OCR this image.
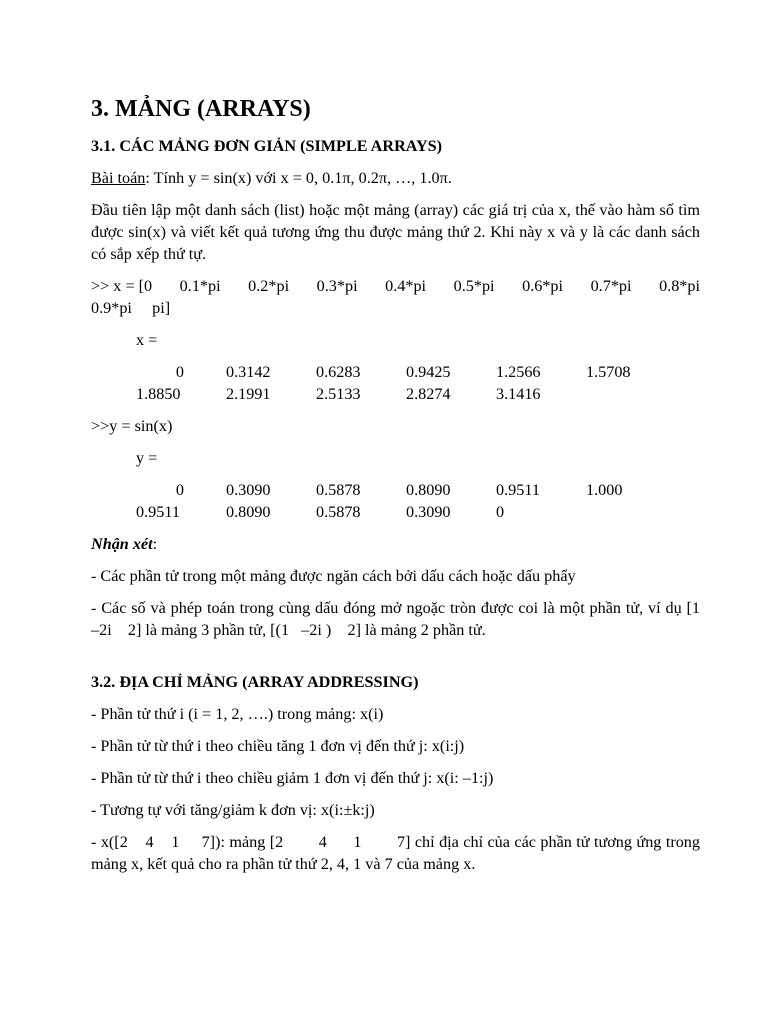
3. MẢNG (ARRAYS)
3.1. CÁC MẢNG ĐƠN GIẢN (SIMPLE ARRAYS)

Bài toán: Tính y = sin(x) với x = 0, 0.1π, 0.2π, …, 1.0π.

Đầu tiên lập một danh sách (list) hoặc một mảng (array) các giá trị của x, thế vào hàm số tìm được sin(x) và viết kết quả tương ứng thu được mảng thứ 2. Khi này x và y là các danh sách có sắp xếp thứ tự.

>> x = [0 0.1*pi 0.2*pi 0.3*pi 0.4*pi 0.5*pi 0.6*pi 0.7*pi 0.8*pi
0.9*pi     pi]
x =
0	0.3142	0.6283	0.9425	1.2566	1.5708
1.8850	2.1991	2.5133	2.8274	3.1416
>>y = sin(x)
y =
0	0.3090	0.5878	0.8090	0.9511	1.000
0.9511	0.8090	0.5878	0.3090	0

Nhận xét:

- Các phần tử trong một mảng được ngăn cách bởi dấu cách hoặc dấu phẩy

- Các số và phép toán trong cùng dấu đóng mở ngoặc tròn được coi là một phần tử, ví dụ [1   –2i    2] là mảng 3 phần tử, [(1   –2i )    2] là mảng 2 phần tử.

3.2. ĐỊA CHỈ MẢNG (ARRAY ADDRESSING)

- Phần tử thứ i (i = 1, 2, ….) trong mảng: x(i)

- Phần tử từ thứ i theo chiều tăng 1 đơn vị đến thứ j: x(i:j)

- Phần tử từ thứ i theo chiều giảm 1 đơn vị đến thứ j: x(i: –1:j)

- Tương tự với tăng/giảm k đơn vị: x(i:±k:j)

- x([2    4    1     7]): mảng [2        4      1        7] chỉ địa chỉ của các phần tử tương ứng trong mảng x, kết quả cho ra phần tử thứ 2, 4, 1 và 7 của mảng x.
